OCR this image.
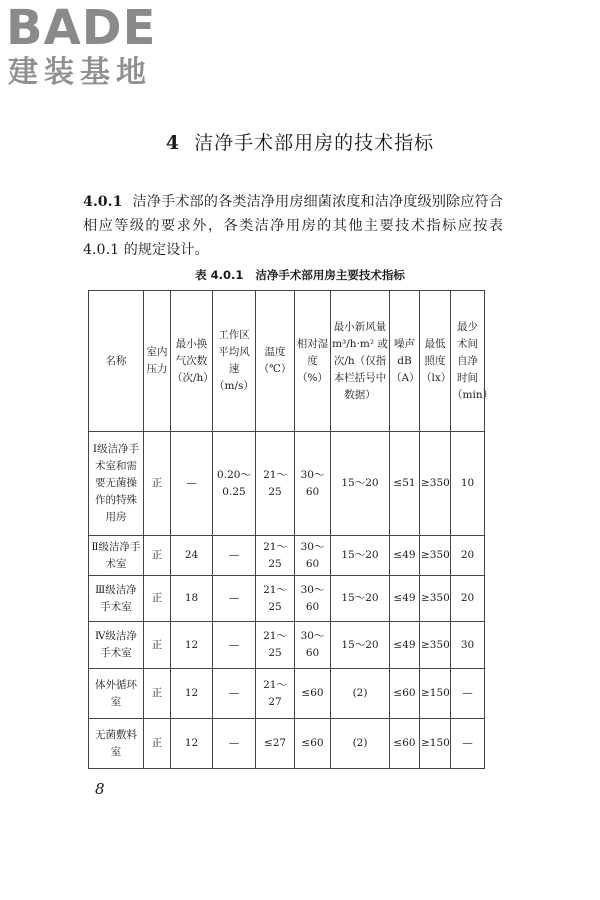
BADE
建装基地
4 洁净手术部用房的技术指标
4.0.1 洁净手术部的各类洁净用房细菌浓度和洁净度级别除应符合相应等级的要求外，各类洁净用房的其他主要技术指标应按表 4.0.1 的规定设计。
表 4.0.1 洁净手术部用房主要技术指标
名称	室内压力	最小换气次数（次/h）	工作区平均风速（m/s）	温度（℃）	相对湿度（%）	最小新风量 m³/h·m² 或次/h（仅指本栏括号中数据）	噪声 dB（A）	最低照度（lx）	最少术间自净时间（min）
Ⅰ级洁净手术室和需要无菌操作的特殊用房	正	—	0.20～0.25	21～25	30～60	15～20	≤51	≥350	10
Ⅱ级洁净手术室	正	24	—	21～25	30～60	15～20	≤49	≥350	20
Ⅲ级洁净手术室	正	18	—	21～25	30～60	15～20	≤49	≥350	20
Ⅳ级洁净手术室	正	12	—	21～25	30～60	15～20	≤49	≥350	30
体外循环室	正	12	—	21～27	≤60	(2)	≤60	≥150	—
无菌敷料室	正	12	—	≤27	≤60	(2)	≤60	≥150	—
8
